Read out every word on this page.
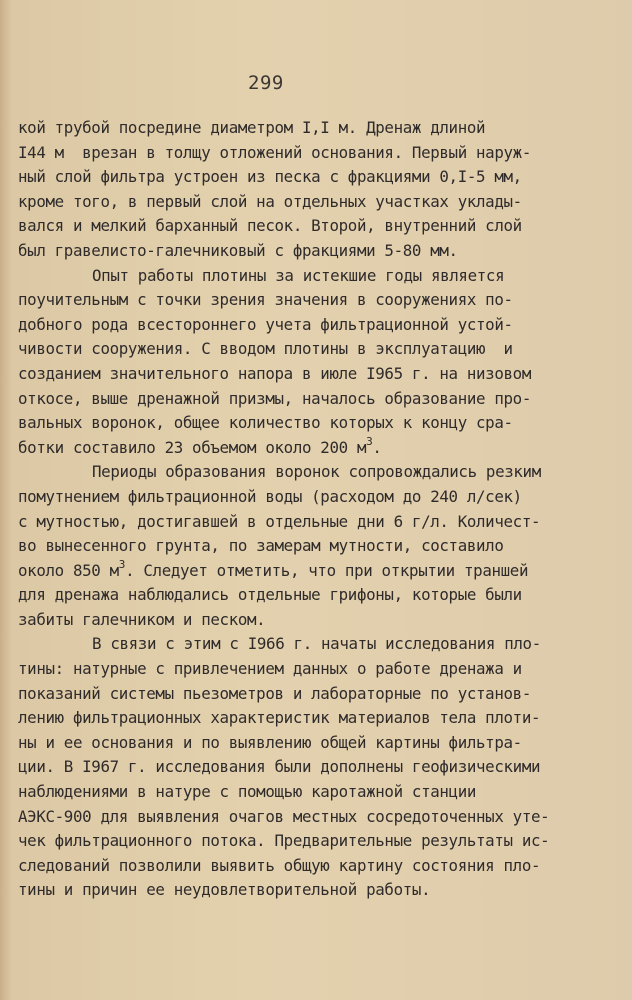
299
кой трубой посредине диаметром I,I м. Дренаж длиной
I44 м  врезан в толщу отложений основания. Первый наруж-
ный слой фильтра устроен из песка с фракциями 0,I-5 мм,
кроме того, в первый слой на отдельных участках уклады-
вался и мелкий барханный песок. Второй, внутренний слой
был гравелисто-галечниковый с фракциями 5-80 мм.
Опыт работы плотины за истекшие годы является
поучительным с точки зрения значения в сооружениях по-
добного рода всестороннего учета фильтрационной устой-
чивости сооружения. С вводом плотины в эксплуатацию  и
созданием значительного напора в июле I965 г. на низовом
откосе, выше дренажной призмы, началось образование про-
вальных воронок, общее количество которых к концу сра-
ботки составило 23 объемом около 200 $м^3$.
Периоды образования воронок сопровождались резким
помутнением фильтрационной воды (расходом до 240 л/сек)
с мутностью, достигавшей в отдельные дни 6 г/л. Количест-
во вынесенного грунта, по замерам мутности, составило
около 850 $м^3$. Следует отметить, что при открытии траншей
для дренажа наблюдались отдельные грифоны, которые были
забиты галечником и песком.
В связи с этим с I966 г. начаты исследования пло-
тины: натурные с привлечением данных о работе дренажа и
показаний системы пьезометров и лабораторные по установ-
лению фильтрационных характеристик материалов тела плоти-
ны и ее основания и по выявлению общей картины фильтра-
ции. В I967 г. исследования были дополнены геофизическими
наблюдениями в натуре с помощью каротажной станции
АЭКС-900 для выявления очагов местных сосредоточенных уте-
чек фильтрационного потока. Предварительные результаты ис-
следований позволили выявить общую картину состояния пло-
тины и причин ее неудовлетворительной работы.
